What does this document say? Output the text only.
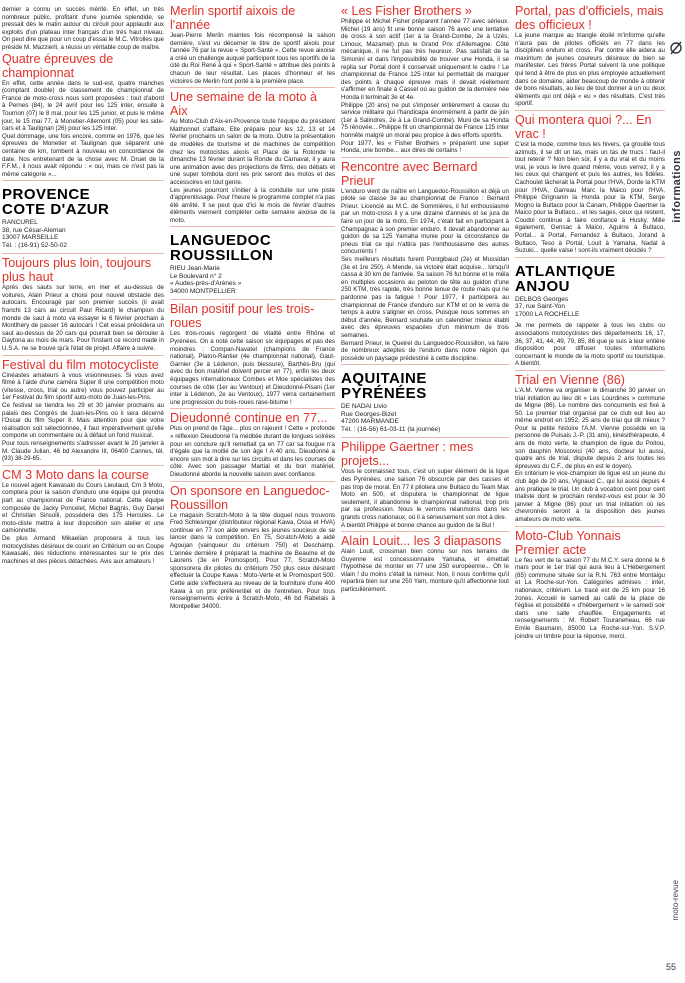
dernier a connu un succès mérité. En effet, un très nombreux public, profitant d'une journée splendide, se pressait dès le matin autour du circuit pour applaudir aux exploits d'un plateau inter français d'un très haut niveau. On peut dire que pour un coup d'essai le M.C. Vitrolles que préside M. Mazzierli, a réussi un véritable coup de maître.

Quatre épreuves de championnat

En effet, cette année dans le sud-est, quatre manches (comptant double) de classement de championnat de France de moto-cross nous sont proposées : tout d'abord à Pernes (84), le 24 avril pour les 125 inter, ensuite à Tournon (07) le 8 mai, pour les 125 junior, et puis le même jour, le 15 mai 77, à Monetier-Allemont (05) pour les side-cars et à Taulignan (26) pour les 125 inter.

Quel dommage, une fois encore, comme en 1976, que les épreuves de Monetier et Taulignan que séparent une centaine de km, tombent à nouveau en concordance de date. Nos entretenant de la chose avec M. Druet de la F.F.M., il nous avait répondu : « oui, mais ce n'est pas la même catégorie »...

PROVENCE
COTE D'AZUR
RANCUREL
38, rue César-Aleman
13007 MARSEILLE
Tél. : (16-91) 52-50-02
Toujours plus loin, toujours plus haut

Après des sauts sur terre, en mer et au-dessus de voitures, Alain Prieur a choisi pour nouvel obstacle des autocars. Encouragé par son premier succès (il avait franchi 13 cars au circuit Paul Ricard) le champion du monde de saut à moto va essayer le 6 février prochain à Montlhéry de passer 16 autocars ! Cet essai précédera un saut au-dessus de 20 cars qui pourrait bien se dérouler à Daytona au mois de mars. Pour l'instant ce record made in U.S.A. ne se trouve qu'à l'état de projet. Affaire à suivre.

Festival du film motocycliste

Cinéastes amateurs à vous visionneuses. Si vous avez filmé à l'aide d'une caméra Super 8 une compétition moto (vitesse, cross, trial ou autre) vous pouvez participer au 1er Festival du film sportif auto-moto de Juan-les-Pins.

Ce festival se tiendra les 29 et 30 janvier prochains au palais des Congrès de Juan-les-Pins où il sera décerné l'Oscar du film Super 8. Mais attention pour que votre réalisation soit sélectionnée, il faut impérativement qu'elle comporte un commentaire ou à défaut un fond musical.

Pour tous renseignements s'adresser avant le 20 janvier à M. Claude Julian, 46 bd Alexandre III, 06400 Cannes, tél. (93) 38-29-65.

CM 3 Moto dans la course

Le nouvel agent Kawasaki du Cours Lieutaud, Cm 3 Moto, comptera pour la saison d'enduro une équipe qui prendra part au championnat de France national. Cette équipe composée de Jacky Poncelet, Michel Bagnis, Guy Daniel et Christian Sinsolli, possédera des 175 Hercules. Le moto-cliste mettra à leur disposition son atelier et une camionnette.

De plus Armand Mikaelian proposera à tous les motocyclistes désireux de courir en Critérium ou en Coupe Kawasaki, des réductions intéressantes sur le prix des machines et des pièces détachées. Avis aux amateurs !

Merlin sportif aixois de l'année

Jean-Pierre Merlin maintes fois récompensé la saison dernière, s'est vu décerner le titre de sportif aixois pour l'année 76 par la revue « Sport-Santé ». Cette revue aixoise a créé un challenge auquel participent tous les sportifs de la cité du Roi René à qui « Sport-Santé » attribue des points à chacun de leur résultat. Les places d'honneur et les victoires de Merlin l'ont porté à la première place.

Une semaine de la moto à Aix

Au Moto-Club d'Aix-en-Provence toute l'équipe du président Mathonnet s'affaire. Elle prépare pour les 12, 13 et 14 février prochains un salon de la moto. Outre la présentation de modèles de tourisme et de machines de compétition chez les motocistes aixois et Place de la Rotonde le dimanche 13 février durant la Ronde du Carnaval, il y aura une animation avec des projections de films, des débats et une super tombola dont les prix seront des motos et des accessoires en tout genre.

Les jeunes pourront s'initier à la conduite sur une piste d'apprentissage. Pour l'heure le programme complet n'a pas été arrêté. Il se peut que d'ici le mois de février d'autres éléments viennent compléter cette semaine aixoise de la moto.

LANGUEDOC
ROUSSILLON
RIEU Jean-Marie
Le Boulevard n° 2
« Audes-près-d'Arènes »
34000 MONTPELLIER
Bilan positif pour les trois-roues

Les trois-roues regorgent de vitalité entre Rhône et Pyrénées. On a noté cette saison six équipages et pas des moindres : Compan-Navatel (champions de France national), Platon-Rantier (4e championnat national), Gaut-Garnier (3e à Lédenon, puis blessure), Barthès-Bru (qui avec du bon matériel doivent percer en 77), enfin les deux équipages internationaux Combes et Moe spécialistes des courses de côte (1er au Ventoux) et Dieudonné-Pisani (1er inter à Lédenon, 2e au Ventoux), 1977 verra certainement une progression du trois-roues rase-bitume !

Dieudonné continue en 77...

Plus on prend de l'âge... plus on rajeunit ! Cette « profonde » réflexion Dieudonné l'a méditée durant de longues soirées pour en conclure qu'il remettait ça en 77 car sa fougue n'a d'égale que la moitié de son âge ! A 40 ans, Dieudonné a encore son mot à dire sur les circuits et dans les courses de côte. Avec son passager Martial et du bon matériel, Dieudonné aborde la nouvelle saison avec confiance.

On sponsore en Languedoc-Roussillon

Le magasin Scratch-Moto à la tête duquel nous trouvons Fred Schlesinger (distributeur régional Kawa, Ossa et HVA) continue en 77 son aide envers les jeunes soucieux de se lancer dans la compétition. En 75, Scratch-Moto a aidé Agoujan (vainqueur du critérium 750) et Deschamp. L'année dernière il préparait la machine de Beaume et de Laurens (3e en Promosport). Pour 77, Scratch-Moto sponsorera dix pilotes du critérium 750 plus ceux désirant effectuer la Coupe Kawa : Moto-Verte et le Promosport 500. Cette aide s'effectuera au niveau de la fourniture d'une 400 Kawa à un prix préférentiel et de l'entretien. Pour tous renseignements écrire à Scratch-Moto, 46 bd Rabelais à Montpellier 34000.

« Les Fisher Brothers »

Philippe et Michel Fisher préparent l'année 77 avec sérieux. Michel (19 ans) fit une bonne saison 76 avec une tentative de cross à son actif (1er à la Grand-Combe, 2e à Uzès, Limoux, Mazamet) plus le Grand Prix d'Allemagne. Côté mécanique, il ne fut pas très heureux. Pas satisfait de la Simonini et dans l'impossibilité de trouver une Honda, il se replia sur Portal dont il conservait uniquement le cadre ! Le championnat de France 125 inter lui permettait de marquer des points à chaque épreuve mais il devait réellement s'affirmer en finale à Cassel où au guidon de la dernière née Honda il terminait 3e et 4e.

Philippe (20 ans) ne put s'imposer entièrement à cause du service militaire qui l'handicapa énormément à partir de juin (1er à Salindres, 2e à La Grand-Combe). Muni de sa Honda 75 rénovée... Philippe fit un championnat de France 125 inter honnête malgré un moral peu propice à des efforts sportifs.

Pour 1977, les « Fisher Brothers » préparent une super Honda, une bombe... aux dires de certains !

Rencontre avec Bernard Prieur

L'enduro vient de naître en Languedoc-Roussillon et déjà un pilote se classe 3e au championnat de France : Bernard Prieur. Licencié au M.C. de Sommières, il fut enthousiasmé par un moto-cross il y a une dizaine d'années et se jura de faire un jour de la moto. En 1974, c'était fait en participant à Champagnac à son premier enduro. Il devait abandonner au guidon de sa 125 Yamaha munie pour la circonstance de pneus trial ce qui n'attira pas l'enthousiasme des autres concurrents !

Ses meilleurs résultats furent Pontgibaud (2e) et Mussidan (3e et 1re 250). A Mende, sa victoire était acquise... lorsqu'il cassa à 30 km de l'arrivée. Sa saison 76 fut bonne et le mêla en multiples occasions au peloton de tête au guidon d'une 250 KTM, très rapide, très bonne tenue de route mais qui ne pardonne pas la fatigue ! Pour 1977, il participera au championnat de France d'enduro sur KTM et on le verra de temps à autre s'aligner en cross. Puisque nous sommes en début d'année, Bernard souhaite un calendrier mieux établi avec des épreuves espacées d'un minimum de trois semaines.

Bernard Prieur, le Queirel du Languedoc-Roussillon, va faire de nombreux adeptes de l'enduro dans notre région qui possède un paysage prédestiné à cette discipline.

AQUITAINE
PYRÉNÉES
DE NADAI Livio
Rue Georges-Bizet
47200 MARMANDE
Tél. : (16-56) 61-03-11 (la journée)
Philippe Gaertner : mes projets...

Vous le connaissez tous, c'est un super élément de la ligue des Pyrénées, une saison 76 obscurcie par des casses et pas trop de moral. En 77 il pilotera une Bultaco du Team Max Moto en 500, et disputera le championnat de ligue seulement, il abandonne le championnat national, trop pris par sa profession. Nous le verrons néanmoins dans les grands cross nationaux, où il a sérieusement son mot à dire.

A bientôt Philippe et bonne chance au guidon de la Bul !

Alain Louit... les 3 diapasons

Alain Louit, crossman bien connu sur nos terrains de Guyenne est concessionnaire Yamaha, et émettait l'hypothèse de monter en 77 une 250 européenne... Oh le vilain ! du moins c'était la rumeur. Non, il nous confirme qu'il repartira bien sur une 250 Yam, monture qu'il affectionne tout particulièrement.

Portal, pas d'officiels, mais des officieux !

La jeune marque au triangle étoilé m'informe qu'elle n'aura pas de pilotes officiels en 77 dans les disciplines enduro et cross. Par contre elle aidera au maximum de jeunes coureurs désireux de bien se manifester. Les frères Portal suivent là une politique qui tend à être de plus en plus employée actuellement dans ce domaine, aider beaucoup de monde à obtenir de bons résultats, au lieu de tout donner à un ou deux éléments qui ont déjà « eu » des résultats. C'est très sportif.

Qui montera quoi ?... En vrac !

C'est la mode, comme tous les hivers, ça grouille tous azimuts, il se dit un tas, mais un tas de trucs : faut-il tout retenir ? Non bien sûr, il y a du vrai et du moins vrai, je vous le livre quand même, vous verrez, il y a les ceux qui changent et puis les autres, les fidèles. Cachoulet lâcherait la Portal pour l'HVA, Dorde la KTM pour l'HVA, Garreau Marc la Maico pour l'HVA, Philippe Grignanin la Honda pour la KTM, Serge Mogno la Bultaco pour la Canam, Philippe Gaertner la Maico pour la Bultaco... et les sages, ceux qui restent, Coudol continue à faire confiance à Husky, Mille également, Gensac à Maico, Aguirre à Bultaco, Portal... à Portal, Fernandez à Bultaco, Jorand à Bultaco, Teso à Portal, Louit à Yamaha, Nadal à Suzuki... quelle valse ! sont-ils vraiment décidés ?

ATLANTIQUE
ANJOU
DELBOS Georges
37, rue Saint-Yon
17000 LA ROCHELLE

Je me permets de rappeler à tous les clubs ou associations motocyclistes des départements 16, 17, 36, 37, 41, 44, 49, 79, 85, 86 que je suis à leur entière disposition pour diffuser toutes informations concernant le monde de la moto sportif ou touristique. A bientôt.

Trial en Vienne (86)

L'A.M. Vienne va organiser le dimanche 30 janvier un trial initiation au lieu dit « Les Lourdines » commune de Migne (86). Le nombre des concurrents est fixé à 50. Le premier trial organisé par ce club eut lieu au même endroit en 1952, 25 ans de trial qui dit mieux ? Pour la petite histoire l'A.M. Vienne possède en la personne de Puisais J.-P. (31 ans), kinésithérapeute, 4 ans de moto verte, le champion de ligue du Poitou, son dauphin Moscovici (40 ans, docteur lui aussi, quatre ans de trial, dispute depuis 2 ans toutes les épreuves du C.F., de plus en est le doyen).

En critérium le vice-champion de ligue est un jeune du club âgé de 20 ans, Vignaud C., qui lui aussi depuis 4 ans pratique le trial. Un club à vocation cent pour cent trialiste dont le prochain rendez-vous est pour le 30 janvier à Migne (86) pour un trial initiation où les chevronnés seront à la disposition des jeunes amateurs de moto verte.

Moto-Club Yonnais Premier acte

Le feu vert de la saison 77 du M.C.Y. sera donné le 6 mars pour le 1er trial qui aura lieu à L'Hébergement (85) commune située sur la R.N. 763 entre Montaigu et La Roche-sur-Yon. Catégories admises : inter, nationaux, critérium. Le tracé est de 25 km pour 16 zones. Accueil le samedi au café de la place de l'église et possibilité « d'hébergement » le samedi soir dans une salle chauffée. Engagements et renseignements : M. Robert Touraneheau, 66 rue Emile Baumann, 85000 La Roche-sur-Yon. S.V.P. joindre un timbre pour la réponse, merci.

informations
moto-revue
55
